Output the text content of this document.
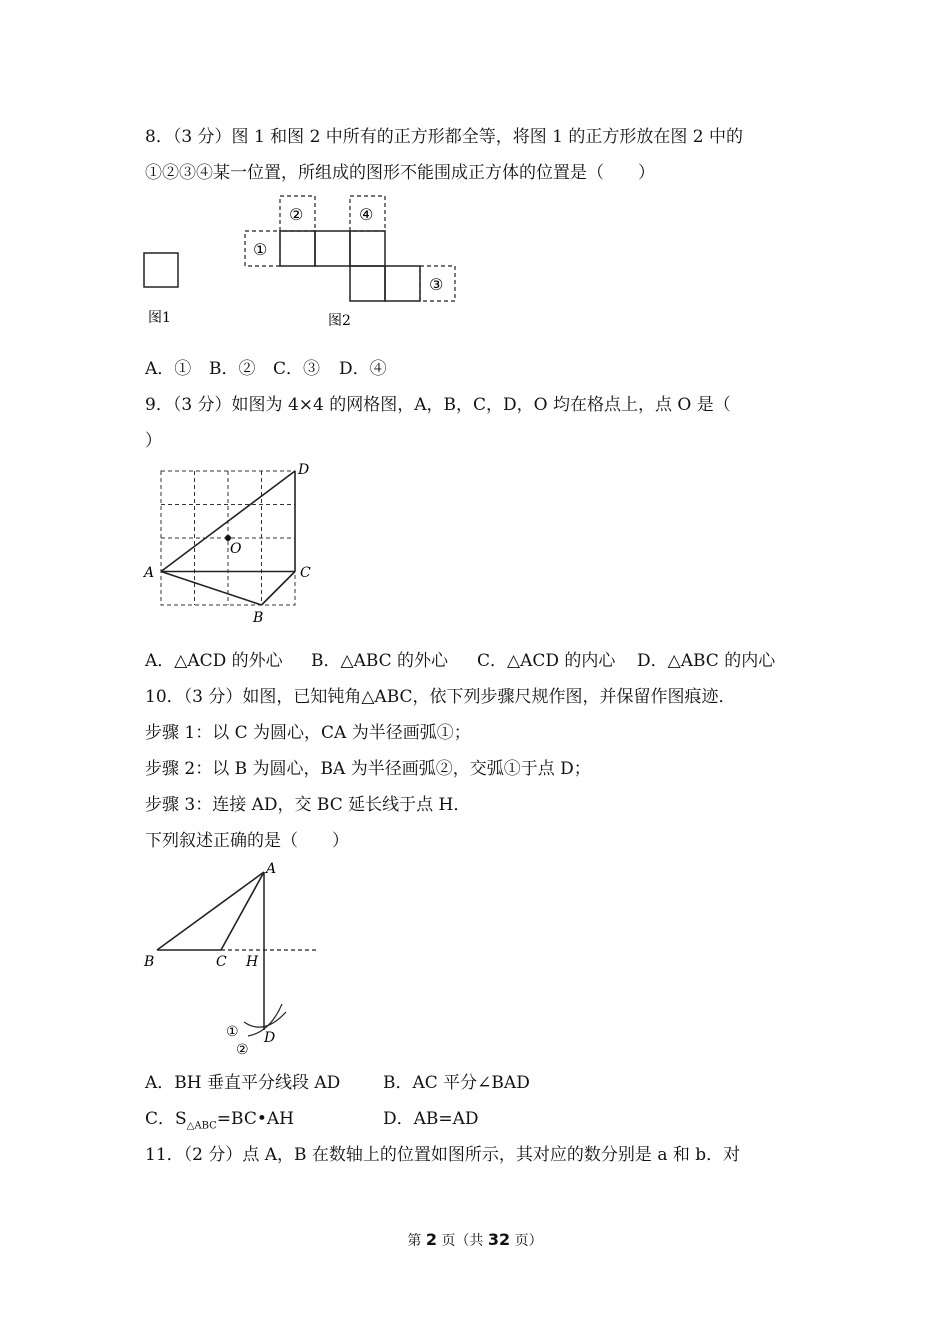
8．（3 分）图 1 和图 2 中所有的正方形都全等，将图 1 的正方形放在图 2 中的
①②③④某一位置，所组成的图形不能围成正方体的位置是（　　）
图1
①
②
③
④
图2
A．① B．② C．③ D．④
9．（3 分）如图为 4×4 的网格图，A，B，C，D，O 均在格点上，点 O 是（
）
A
B
C
D
O
A．△ACD 的外心 B．△ABC 的外心 C．△ACD 的内心 D．△ABC 的内心
10．（3 分）如图，已知钝角△ABC，依下列步骤尺规作图，并保留作图痕迹．
步骤 1：以 C 为圆心，CA 为半径画弧①；
步骤 2：以 B 为圆心，BA 为半径画弧②，交弧①于点 D；
步骤 3：连接 AD，交 BC 延长线于点 H．
下列叙述正确的是（　　）
A
B	C H
D
①
②
A．BH 垂直平分线段 AD	B．AC 平分∠BAD
C．$S_{\triangle ABC}=BC•AH$	D．AB=AD
11．（2 分）点 A，B 在数轴上的位置如图所示，其对应的数分别是 a 和 b．对
第 2 页（共 32 页）
